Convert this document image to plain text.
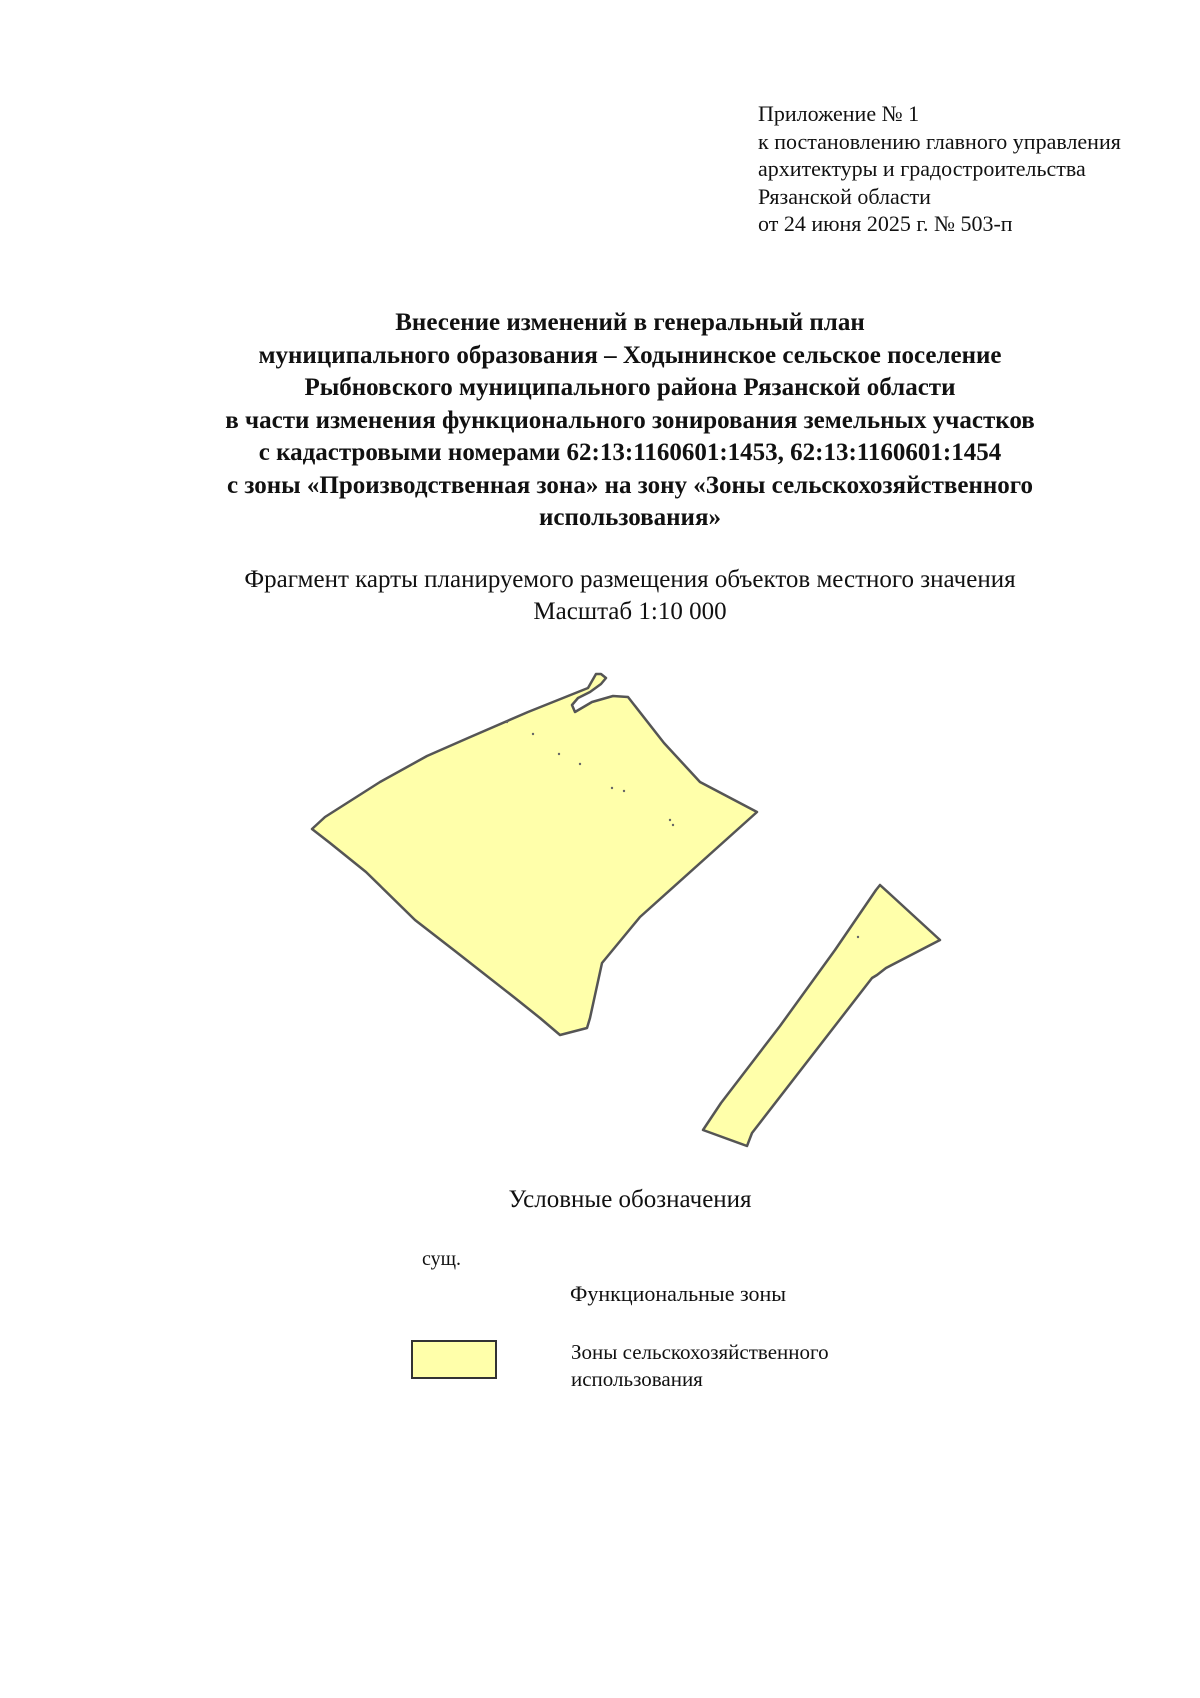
Приложение № 1
к постановлению главного управления
архитектуры и градостроительства
Рязанской области
от 24 июня 2025 г. № 503-п
Внесение изменений в генеральный план
муниципального образования – Ходынинское сельское поселение
Рыбновского муниципального района Рязанской области
в части изменения функционального зонирования земельных участков
с кадастровыми номерами 62:13:1160601:1453, 62:13:1160601:1454
с зоны «Производственная зона» на зону «Зоны сельскохозяйственного
использования»
Фрагмент карты планируемого размещения объектов местного значения
Масштаб 1:10 000
Условные обозначения
сущ.
Функциональные зоны
Зоны сельскохозяйственного
использования
